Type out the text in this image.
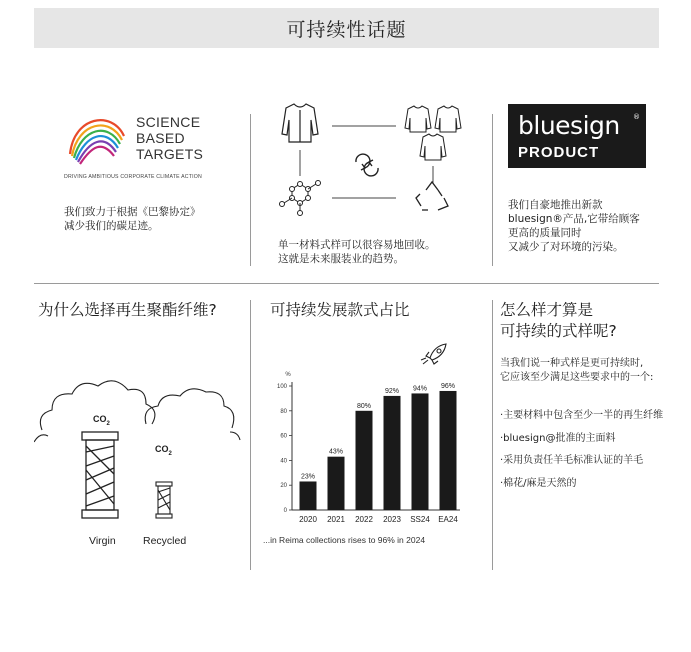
可持续性话题
SCIENCE
BASED
TARGETS
DRIVING AMBITIOUS CORPORATE CLIMATE ACTION
我们致力于根据《巴黎协定》
减少我们的碳足迹。
单一材料式样可以很容易地回收。
这就是未来服装业的趋势。
bluesign ®
PRODUCT
我们自豪地推出新款
bluesign®产品,它带给顾客
更高的质量同时
又减少了对环境的污染。
为什么选择再生聚酯纤维?
$CO_2$
$CO_2$
Virgin	Recycled
可持续发展款式占比
%
0
20
40
60
80
100
23%
2020
43%
2021
80%
2022
92%
2023
94%
SS24
96%
EA24
...in Reima collections rises to 96% in 2024
怎么样才算是
可持续的式样呢?
当我们说一种式样是更可持续时,
它应该至少满足这些要求中的一个:
·主要材料中包含至少一半的再生纤维
·bluesign@批准的主面料
·采用负责任羊毛标准认证的羊毛
·棉花/麻是天然的
